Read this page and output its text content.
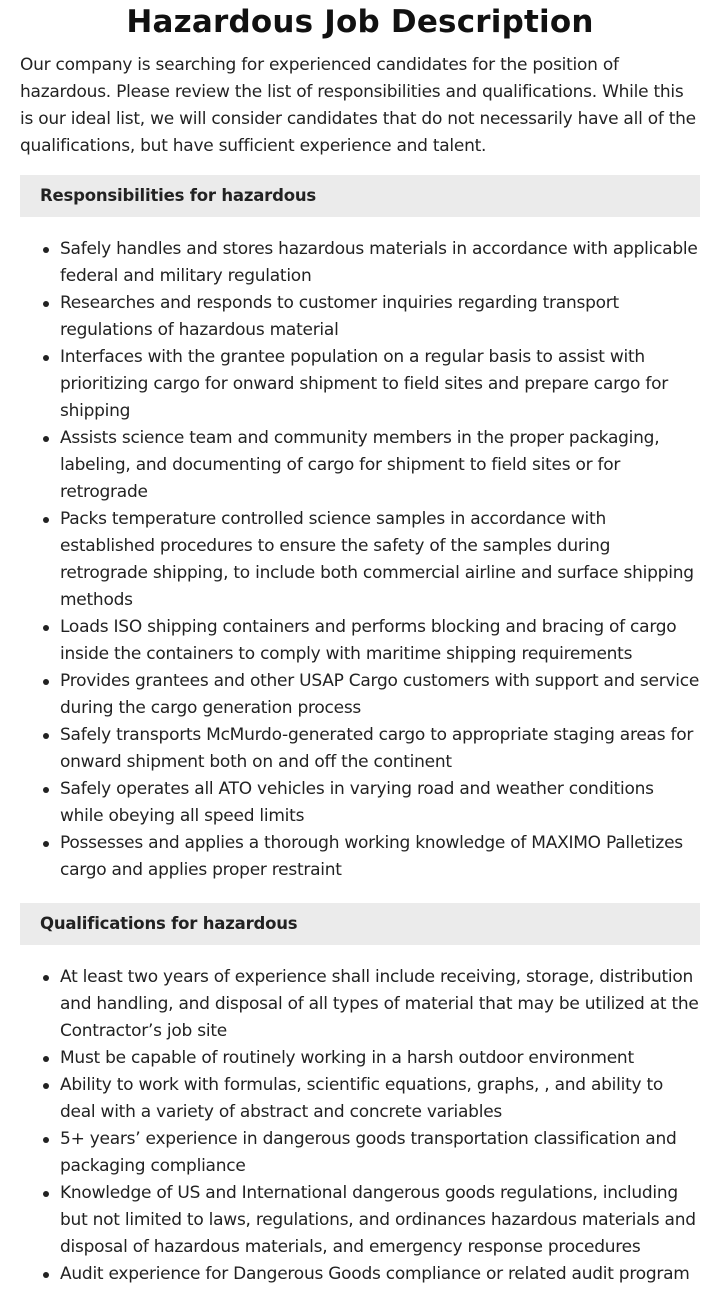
Hazardous Job Description

Our company is searching for experienced candidates for the position of hazardous. Please review the list of responsibilities and qualifications. While this is our ideal list, we will consider candidates that do not necessarily have all of the qualifications, but have sufficient experience and talent.

Responsibilities for hazardous
Safely handles and stores hazardous materials in accordance with applicable federal and military regulation
Researches and responds to customer inquiries regarding transport regulations of hazardous material
Interfaces with the grantee population on a regular basis to assist with prioritizing cargo for onward shipment to field sites and prepare cargo for shipping
Assists science team and community members in the proper packaging, labeling, and documenting of cargo for shipment to field sites or for retrograde
Packs temperature controlled science samples in accordance with established procedures to ensure the safety of the samples during retrograde shipping, to include both commercial airline and surface shipping methods
Loads ISO shipping containers and performs blocking and bracing of cargo inside the containers to comply with maritime shipping requirements
Provides grantees and other USAP Cargo customers with support and service during the cargo generation process
Safely transports McMurdo-generated cargo to appropriate staging areas for onward shipment both on and off the continent
Safely operates all ATO vehicles in varying road and weather conditions while obeying all speed limits
Possesses and applies a thorough working knowledge of MAXIMO Palletizes cargo and applies proper restraint
Qualifications for hazardous
At least two years of experience shall include receiving, storage, distribution and handling, and disposal of all types of material that may be utilized at the Contractor’s job site
Must be capable of routinely working in a harsh outdoor environment
Ability to work with formulas, scientific equations, graphs, , and ability to deal with a variety of abstract and concrete variables
5+ years’ experience in dangerous goods transportation classification and packaging compliance
Knowledge of US and International dangerous goods regulations, including but not limited to laws, regulations, and ordinances hazardous materials and disposal of hazardous materials, and emergency response procedures
Audit experience for Dangerous Goods compliance or related audit program
